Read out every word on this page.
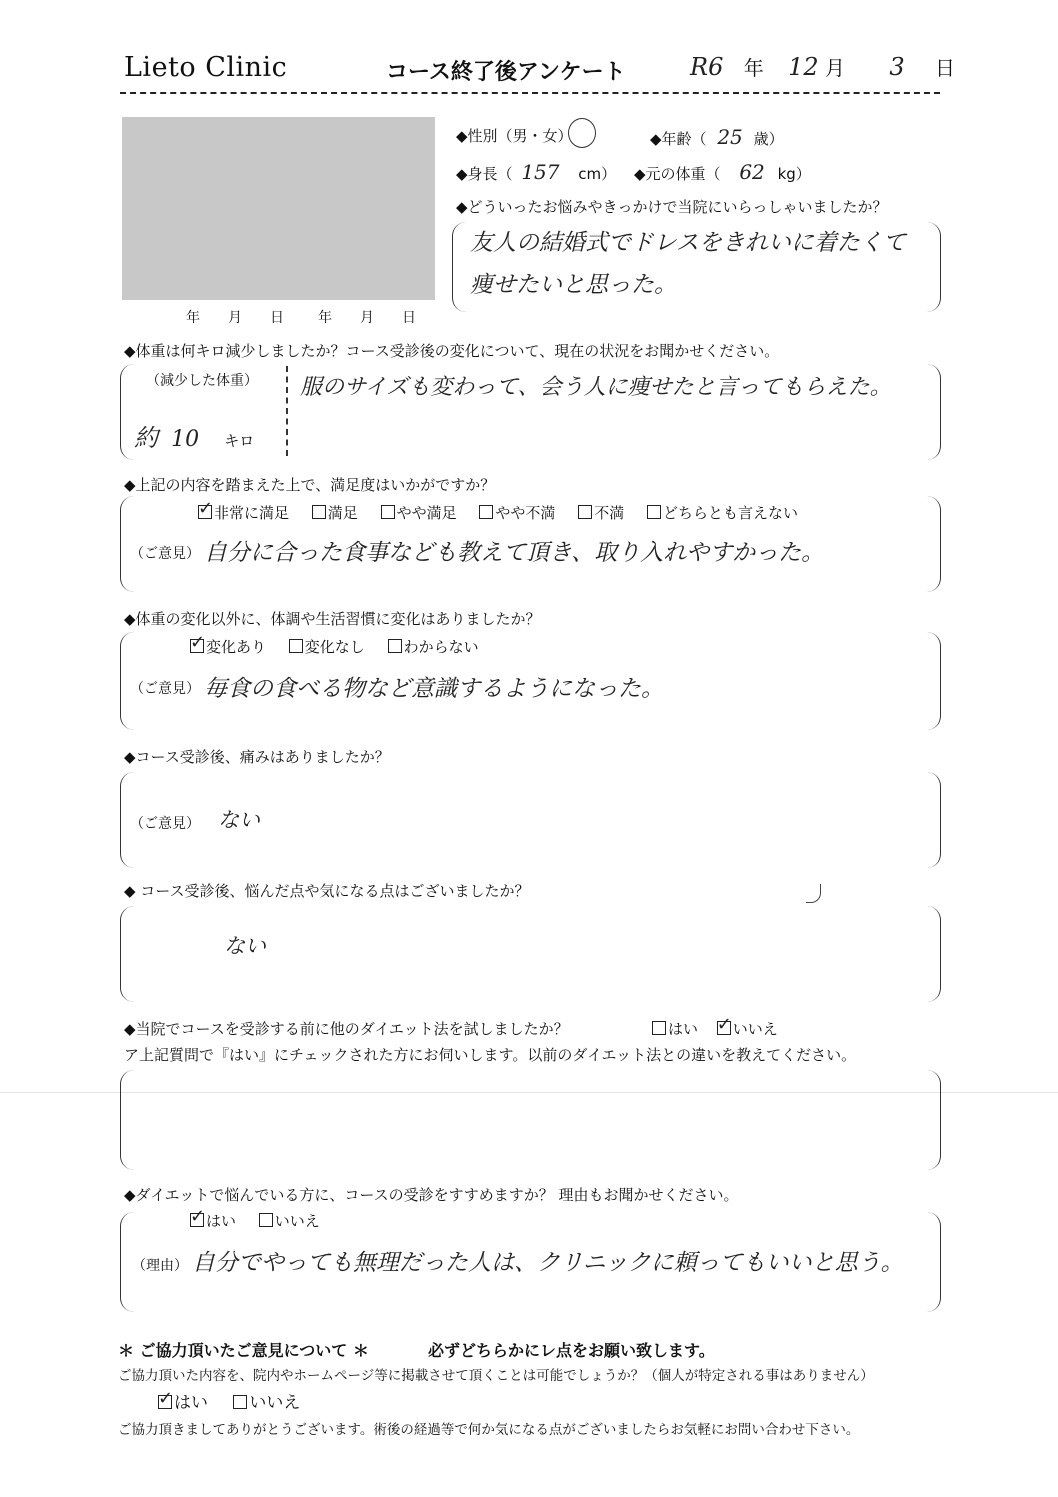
Lieto Clinic	コース終了後アンケート	R6 年 12 月 3 日
年　　月　　日 年　　月　　日
◆性別（男・女）	◆年齢（ 25 歳）
◆身長（ 157 cm） ◆元の体重（ 62 kg）
◆どういったお悩みやきっかけで当院にいらっしゃいましたか？
友人の結婚式でドレスをきれいに着たくて
痩せたいと思った。
◆体重は何キロ減少しましたか？コース受診後の変化について、現在の状況をお聞かせください。
（減少した体重）
約 10 キロ
服のサイズも変わって、会う人に痩せたと言ってもらえた。
◆上記の内容を踏まえた上で、満足度はいかがですか？
✓非常に満足	満足	やや満足	やや不満	不満	どちらとも言えない
（ご意見） 自分に合った食事なども教えて頂き、取り入れやすかった。
◆体重の変化以外に、体調や生活習慣に変化はありましたか？
✓変化あり	変化なし	わからない
（ご意見） 毎食の食べる物など意識するようになった。
◆コース受診後、痛みはありましたか？
（ご意見） ない
◆ コース受診後、悩んだ点や気になる点はございましたか？
ない
◆当院でコースを受診する前に他のダイエット法を試しましたか？	はい ✓ いいえ
ア上記質問で『はい』にチェックされた方にお伺いします。以前のダイエット法との違いを教えてください。
◆ダイエットで悩んでいる方に、コースの受診をすすめますか？ 理由もお聞かせください。
✓はい	いいえ
（理由） 自分でやっても無理だった人は、クリニックに頼ってもいいと思う。
＊ ご協力頂いたご意見について ＊	必ずどちらかにレ点をお願い致します。
ご協力頂いた内容を、院内やホームページ等に掲載させて頂くことは可能でしょうか？（個人が特定される事はありません）
✓はい いいえ
ご協力頂きましてありがとうございます。術後の経過等で何か気になる点がございましたらお気軽にお問い合わせ下さい。
